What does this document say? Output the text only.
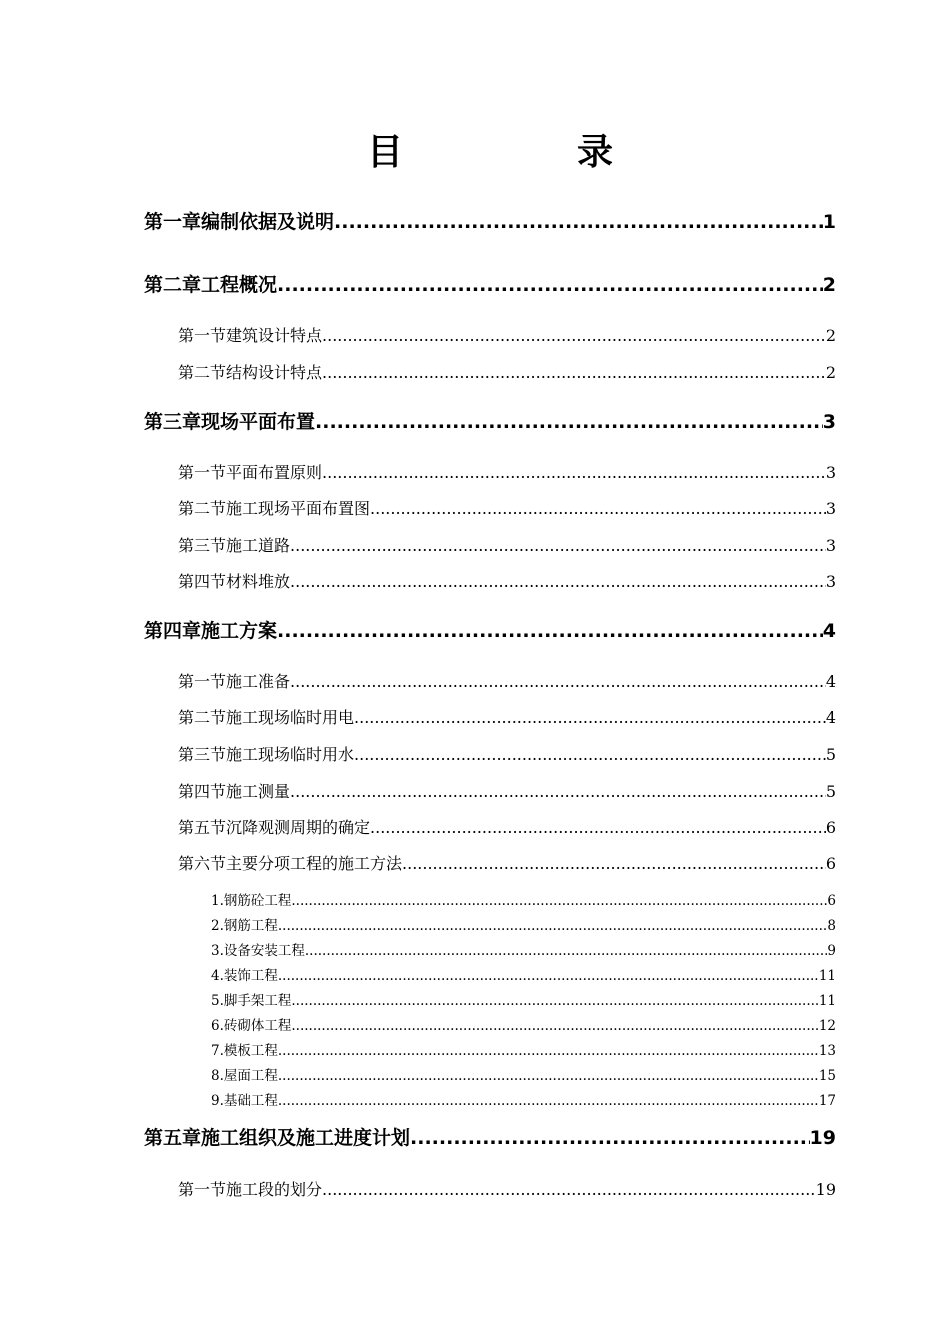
目	录
第一章编制依据及说明 .....	1
第二章工程概况 .....	2
第一节建筑设计特点 .....	2
第二节结构设计特点 .....	2
第三章现场平面布置 .....	3
第一节平面布置原则 .....	3
第二节施工现场平面布置图 .....	3
第三节施工道路 .....	3
第四节材料堆放 .....	3
第四章施工方案 .....	4
第一节施工准备 .....	4
第二节施工现场临时用电 .....	4
第三节施工现场临时用水 .....	5
第四节施工测量 .....	5
第五节沉降观测周期的确定 .....	6
第六节主要分项工程的施工方法 .....	6
1.钢筋砼工程 .....	6
2.钢筋工程 .....	8
3.设备安装工程 .....	9
4.装饰工程 .....	11
5.脚手架工程 .....	11
6.砖砌体工程 .....	12
7.模板工程 .....	13
8.屋面工程 .....	15
9.基础工程 .....	17
第五章施工组织及施工进度计划 .....	19
第一节施工段的划分 .....	19
